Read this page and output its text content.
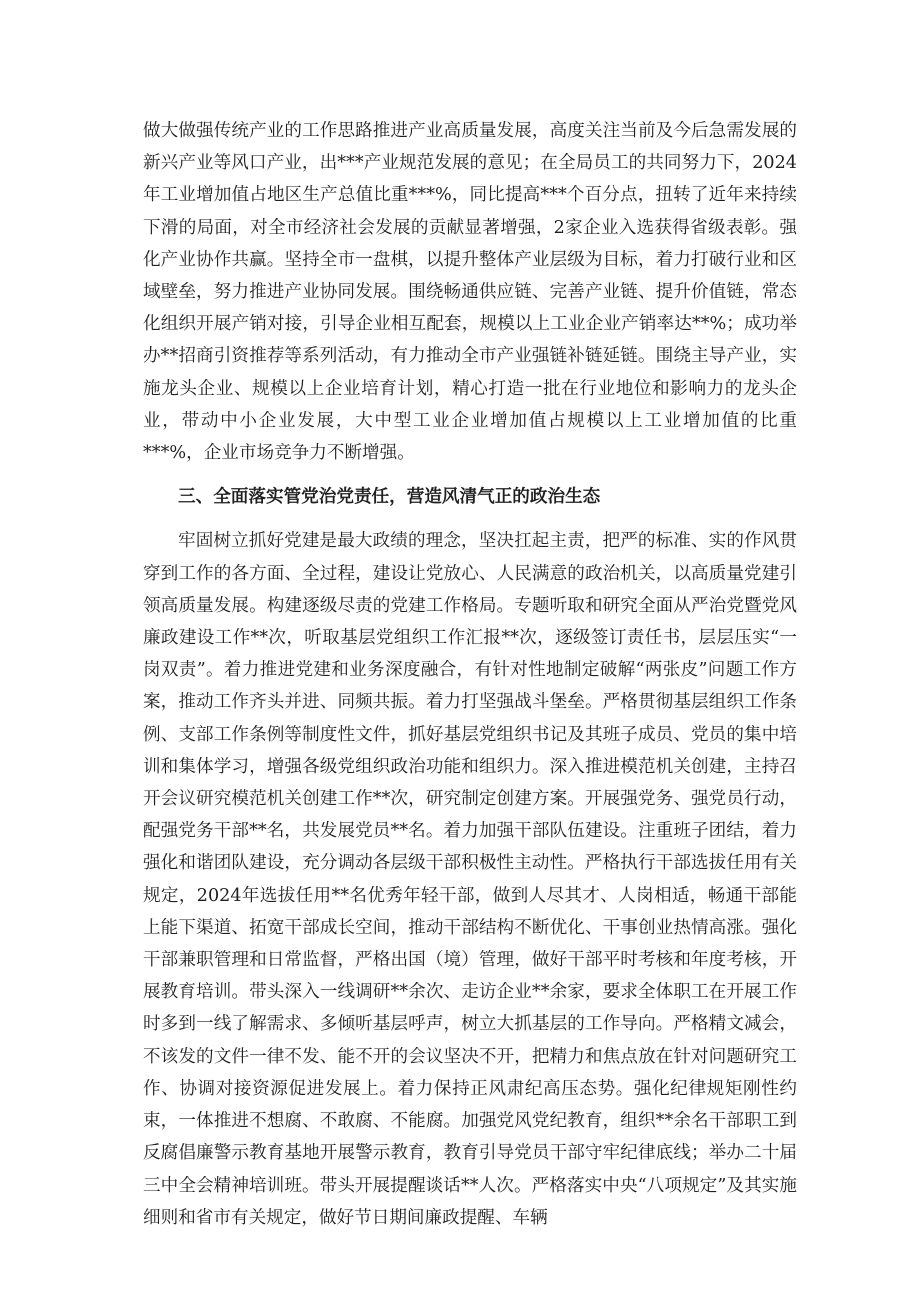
做大做强传统产业的工作思路推进产业高质量发展，高度关注当前及今后急需发展的新兴产业等风口产业，出***产业规范发展的意见；在全局员工的共同努力下，2024年工业增加值占地区生产总值比重***%，同比提高***个百分点，扭转了近年来持续下滑的局面，对全市经济社会发展的贡献显著增强，2家企业入选获得省级表彰。强化产业协作共赢。坚持全市一盘棋，以提升整体产业层级为目标，着力打破行业和区域壁垒，努力推进产业协同发展。围绕畅通供应链、完善产业链、提升价值链，常态化组织开展产销对接，引导企业相互配套，规模以上工业企业产销率达**%；成功举办**招商引资推荐等系列活动，有力推动全市产业强链补链延链。围绕主导产业，实施龙头企业、规模以上企业培育计划，精心打造一批在行业地位和影响力的龙头企业，带动中小企业发展，大中型工业企业增加值占规模以上工业增加值的比重***%，企业市场竞争力不断增强。

三、全面落实管党治党责任，营造风清气正的政治生态

牢固树立抓好党建是最大政绩的理念，坚决扛起主责，把严的标准、实的作风贯穿到工作的各方面、全过程，建设让党放心、人民满意的政治机关，以高质量党建引领高质量发展。构建逐级尽责的党建工作格局。专题听取和研究全面从严治党暨党风廉政建设工作**次，听取基层党组织工作汇报**次，逐级签订责任书，层层压实“一岗双责”。着力推进党建和业务深度融合，有针对性地制定破解“两张皮”问题工作方案，推动工作齐头并进、同频共振。着力打坚强战斗堡垒。严格贯彻基层组织工作条例、支部工作条例等制度性文件，抓好基层党组织书记及其班子成员、党员的集中培训和集体学习，增强各级党组织政治功能和组织力。深入推进模范机关创建，主持召开会议研究模范机关创建工作**次，研究制定创建方案。开展强党务、强党员行动，配强党务干部**名，共发展党员**名。着力加强干部队伍建设。注重班子团结，着力强化和谐团队建设，充分调动各层级干部积极性主动性。严格执行干部选拔任用有关规定，2024年选拔任用**名优秀年轻干部，做到人尽其才、人岗相适，畅通干部能上能下渠道、拓宽干部成长空间，推动干部结构不断优化、干事创业热情高涨。强化干部兼职管理和日常监督，严格出国（境）管理，做好干部平时考核和年度考核，开展教育培训。带头深入一线调研**余次、走访企业**余家，要求全体职工在开展工作时多到一线了解需求、多倾听基层呼声，树立大抓基层的工作导向。严格精文减会，不该发的文件一律不发、能不开的会议坚决不开，把精力和焦点放在针对问题研究工作、协调对接资源促进发展上。着力保持正风肃纪高压态势。强化纪律规矩刚性约束，一体推进不想腐、不敢腐、不能腐。加强党风党纪教育，组织**余名干部职工到反腐倡廉警示教育基地开展警示教育，教育引导党员干部守牢纪律底线；举办二十届三中全会精神培训班。带头开展提醒谈话**人次。严格落实中央“八项规定”及其实施细则和省市有关规定，做好节日期间廉政提醒、车辆
